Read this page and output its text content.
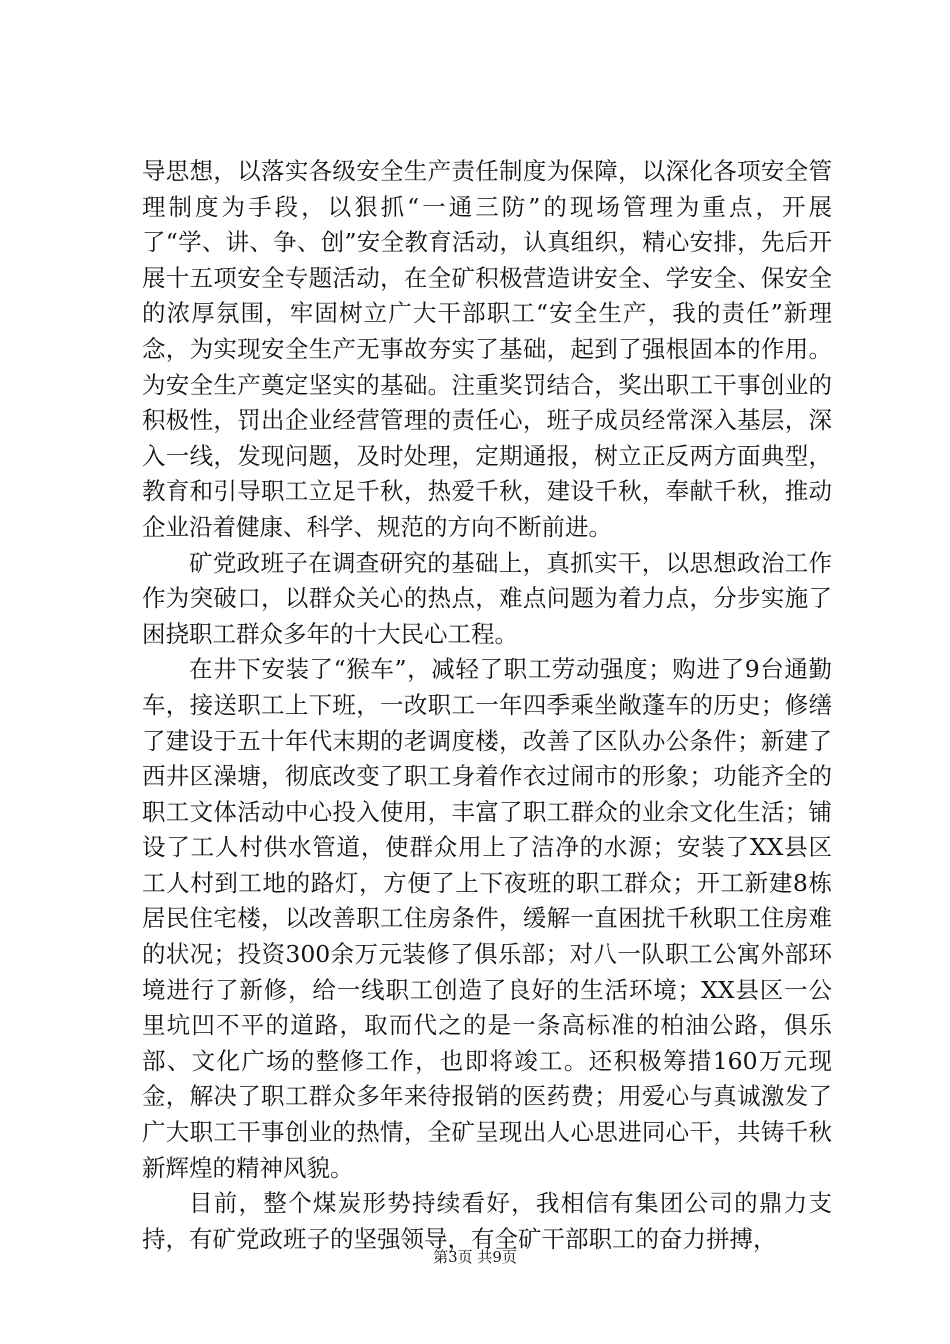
导思想，以落实各级安全生产责任制度为保障，以深化各项安全管理制度为手段，以狠抓“一通三防”的现场管理为重点，开展了“学、讲、争、创”安全教育活动，认真组织，精心安排，先后开展十五项安全专题活动，在全矿积极营造讲安全、学安全、保安全的浓厚氛围，牢固树立广大干部职工“安全生产，我的责任”新理念，为实现安全生产无事故夯实了基础，起到了强根固本的作用。为安全生产奠定坚实的基础。注重奖罚结合，奖出职工干事创业的积极性，罚出企业经营管理的责任心，班子成员经常深入基层，深入一线，发现问题，及时处理，定期通报，树立正反两方面典型，教育和引导职工立足千秋，热爱千秋，建设千秋，奉献千秋，推动企业沿着健康、科学、规范的方向不断前进。

矿党政班子在调查研究的基础上，真抓实干，以思想政治工作作为突破口，以群众关心的热点，难点问题为着力点，分步实施了困挠职工群众多年的十大民心工程。

在井下安装了“猴车”，减轻了职工劳动强度；购进了9台通勤车，接送职工上下班，一改职工一年四季乘坐敞蓬车的历史；修缮了建设于五十年代末期的老调度楼，改善了区队办公条件；新建了西井区澡塘，彻底改变了职工身着作衣过闹市的形象；功能齐全的职工文体活动中心投入使用，丰富了职工群众的业余文化生活；铺设了工人村供水管道，使群众用上了洁净的水源；安装了XX县区工人村到工地的路灯，方便了上下夜班的职工群众；开工新建8栋居民住宅楼，以改善职工住房条件，缓解一直困扰千秋职工住房难的状况；投资300余万元装修了俱乐部；对八一队职工公寓外部环境进行了新修，给一线职工创造了良好的生活环境；XX县区一公里坑凹不平的道路，取而代之的是一条高标准的柏油公路，俱乐部、文化广场的整修工作，也即将竣工。还积极筹措160万元现金，解决了职工群众多年来待报销的医药费；用爱心与真诚激发了广大职工干事创业的热情，全矿呈现出人心思进同心干，共铸千秋新辉煌的精神风貌。

目前，整个煤炭形势持续看好，我相信有集团公司的鼎力支持，有矿党政班子的坚强领导，有全矿干部职工的奋力拼搏，

第3页 共9页
